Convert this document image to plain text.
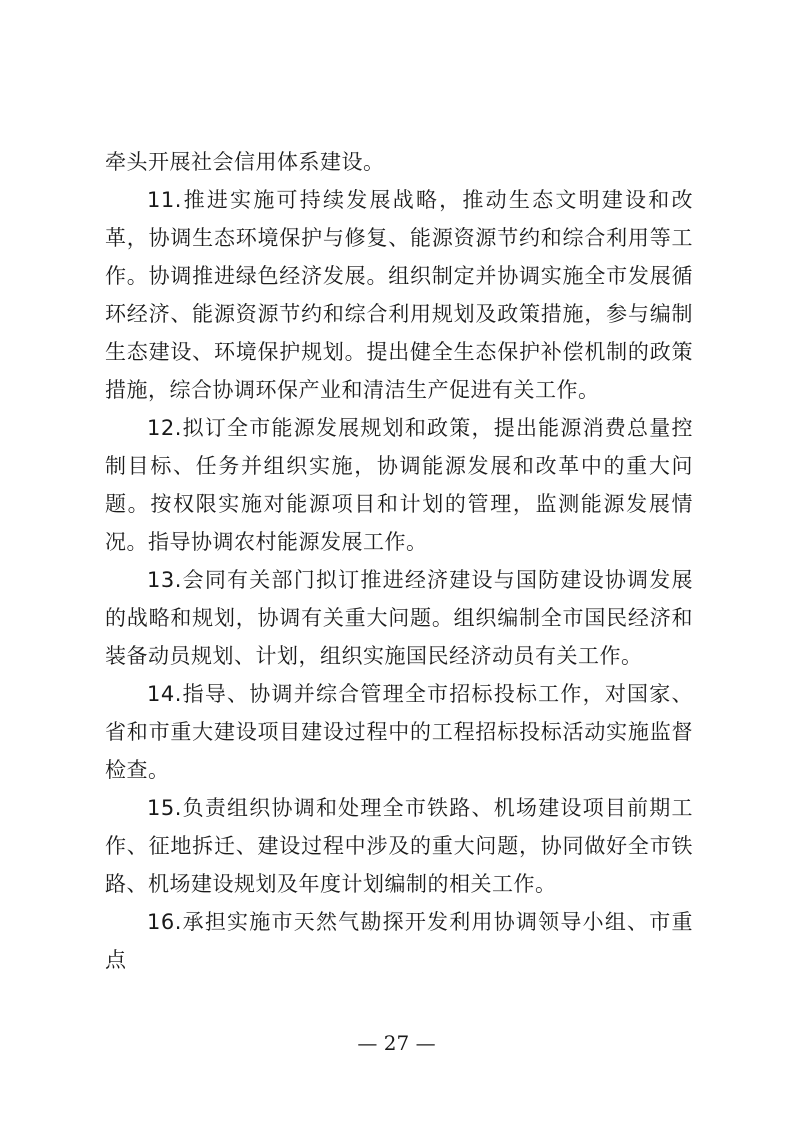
牵头开展社会信用体系建设。

11.推进实施可持续发展战略，推动生态文明建设和改革，协调生态环境保护与修复、能源资源节约和综合利用等工作。协调推进绿色经济发展。组织制定并协调实施全市发展循环经济、能源资源节约和综合利用规划及政策措施，参与编制生态建设、环境保护规划。提出健全生态保护补偿机制的政策措施，综合协调环保产业和清洁生产促进有关工作。

12.拟订全市能源发展规划和政策，提出能源消费总量控制目标、任务并组织实施，协调能源发展和改革中的重大问题。按权限实施对能源项目和计划的管理，监测能源发展情况。指导协调农村能源发展工作。

13.会同有关部门拟订推进经济建设与国防建设协调发展的战略和规划，协调有关重大问题。组织编制全市国民经济和装备动员规划、计划，组织实施国民经济动员有关工作。

14.指导、协调并综合管理全市招标投标工作，对国家、省和市重大建设项目建设过程中的工程招标投标活动实施监督检查。

15.负责组织协调和处理全市铁路、机场建设项目前期工作、征地拆迁、建设过程中涉及的重大问题，协同做好全市铁路、机场建设规划及年度计划编制的相关工作。

16.承担实施市天然气勘探开发利用协调领导小组、市重点

— 27 —
